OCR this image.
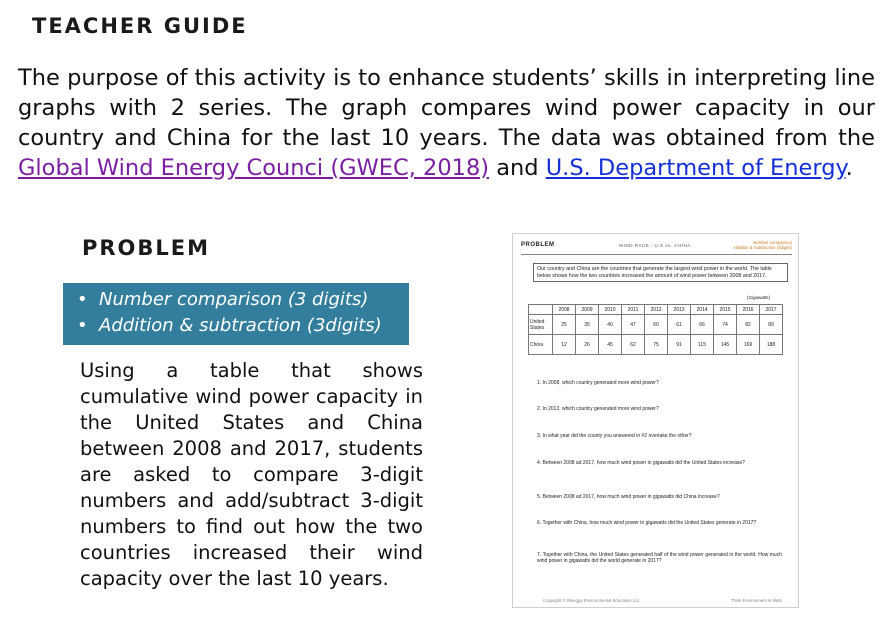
TEACHER GUIDE

The purpose of this activity is to enhance students’ skills in interpreting line graphs with 2 series. The graph compares wind power capacity in our country and China for the last 10 years. The data was obtained from the Global Wind Energy Counci (GWEC, 2018) and U.S. Department of Energy.

PROBLEM
• Number comparison (3 digits)
• Addition & subtraction (3digits)

Using a table that shows cumulative wind power capacity in the United States and China between 2008 and 2017, students are asked to compare 3-digit numbers and add/subtract 3-digit numbers to find out how the two countries increased their wind capacity over the last 10 years.

PROBLEM	WIND RACE : U.S vs. CHINA
Number comparison
Addition & Subtraction (3digits)
Our country and China are the countries that generate the largest wind power in the world. The table below shows how the two countries increased the amount of wind power between 2008 and 2017.
(Gigawatts)
	2008	2009	2010	2011	2012	2013	2014	2015	2016	2017
United States	25	35	40	47	60	61	66	74	82	89
China	12	26	45	62	75	91	115	145	169	188
1. In 2008, which country generated more wind power?
2. In 2013, which country generated more wind power?
3. In what year did the county you answered in #2 overtake the other?
4. Between 2008 ad 2017, how much wind power in gigawatts did the United States increase?
5. Between 2008 ad 2017, how much wind power in gigawatts did China increase?
6. Together with China, how much wind power in gigawatts did the United States generate in 2017?
7. Together with China, the United States generated half of the wind power generated in the world. How much wind power in gigawatts did the world generate in 2017?
Copyright © Bluegga Environmental Education Ltd.	Think Environment in Math
